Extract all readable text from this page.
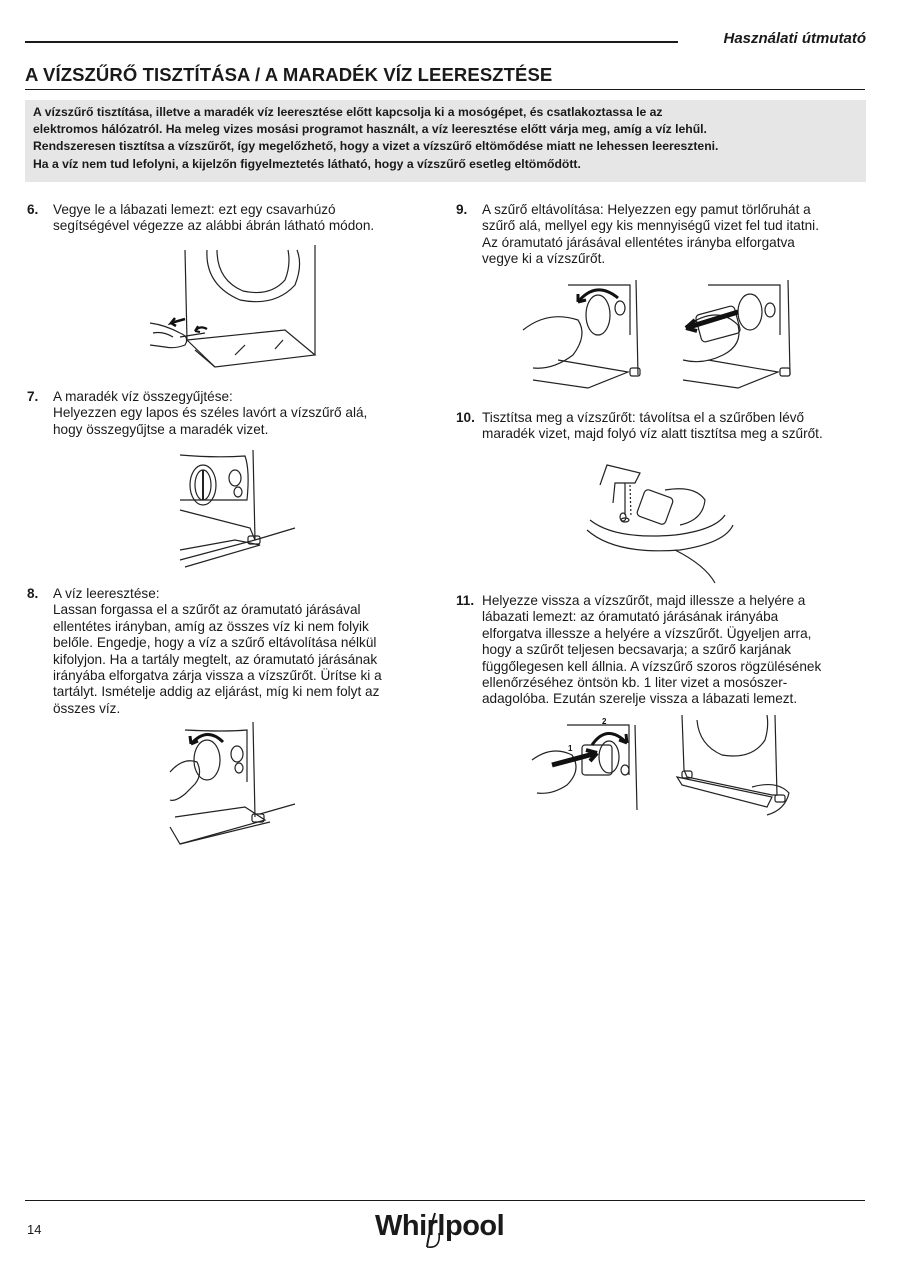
Használati útmutató
A VÍZSZŰRŐ TISZTÍTÁSA / A MARADÉK VÍZ LEERESZTÉSE

A vízszűrő tisztítása, illetve a maradék víz leeresztése előtt kapcsolja ki a mosógépet, és csatlakoztassa le az

elektromos hálózatról. Ha meleg vizes mosási programot használt, a víz leeresztése előtt várja meg, amíg a víz lehűl.

Rendszeresen tisztítsa a vízszűrőt, így megelőzhető, hogy a vizet a vízszűrő eltömődése miatt ne lehessen leereszteni.

Ha a víz nem tud lefolyni, a kijelzőn figyelmeztetés látható, hogy a vízszűrő esetleg eltömődött.

6. Vegye le a lábazati lemezt: ezt egy csavarhúzó

segítségével végezze az alábbi ábrán látható módon.

7. A maradék víz összegyűjtése:

Helyezzen egy lapos és széles lavórt a vízszűrő alá,

hogy összegyűjtse a maradék vizet.

8. A víz leeresztése:

Lassan forgassa el a szűrőt az óramutató járásával

ellentétes irányban, amíg az összes víz ki nem folyik

belőle. Engedje, hogy a víz a szűrő eltávolítása nélkül

kifolyjon. Ha a tartály megtelt, az óramutató járásának

irányába elforgatva zárja vissza a vízszűrőt. Ürítse ki a

tartályt. Ismételje addig az eljárást, míg ki nem folyt az

összes víz.

9. A szűrő eltávolítása: Helyezzen egy pamut törlőruhát a

szűrő alá, mellyel egy kis mennyiségű vizet fel tud itatni.

Az óramutató járásával ellentétes irányba elforgatva

vegye ki a vízszűrőt.

10. Tisztítsa meg a vízszűrőt: távolítsa el a szűrőben lévő

maradék vizet, majd folyó víz alatt tisztítsa meg a szűrőt.

11. Helyezze vissza a vízszűrőt, majd illessze a helyére a

lábazati lemezt: az óramutató járásának irányába

elforgatva illessze a helyére a vízszűrőt. Ügyeljen arra,

hogy a szűrőt teljesen becsavarja; a szűrő karjának

függőlegesen kell állnia. A vízszűrő szoros rögzülésének

ellenőrzéséhez öntsön kb. 1 liter vizet a mosószer-

adagolóba. Ezután szerelje vissza a lábazati lemezt.

1
2
14	Whirlpool
